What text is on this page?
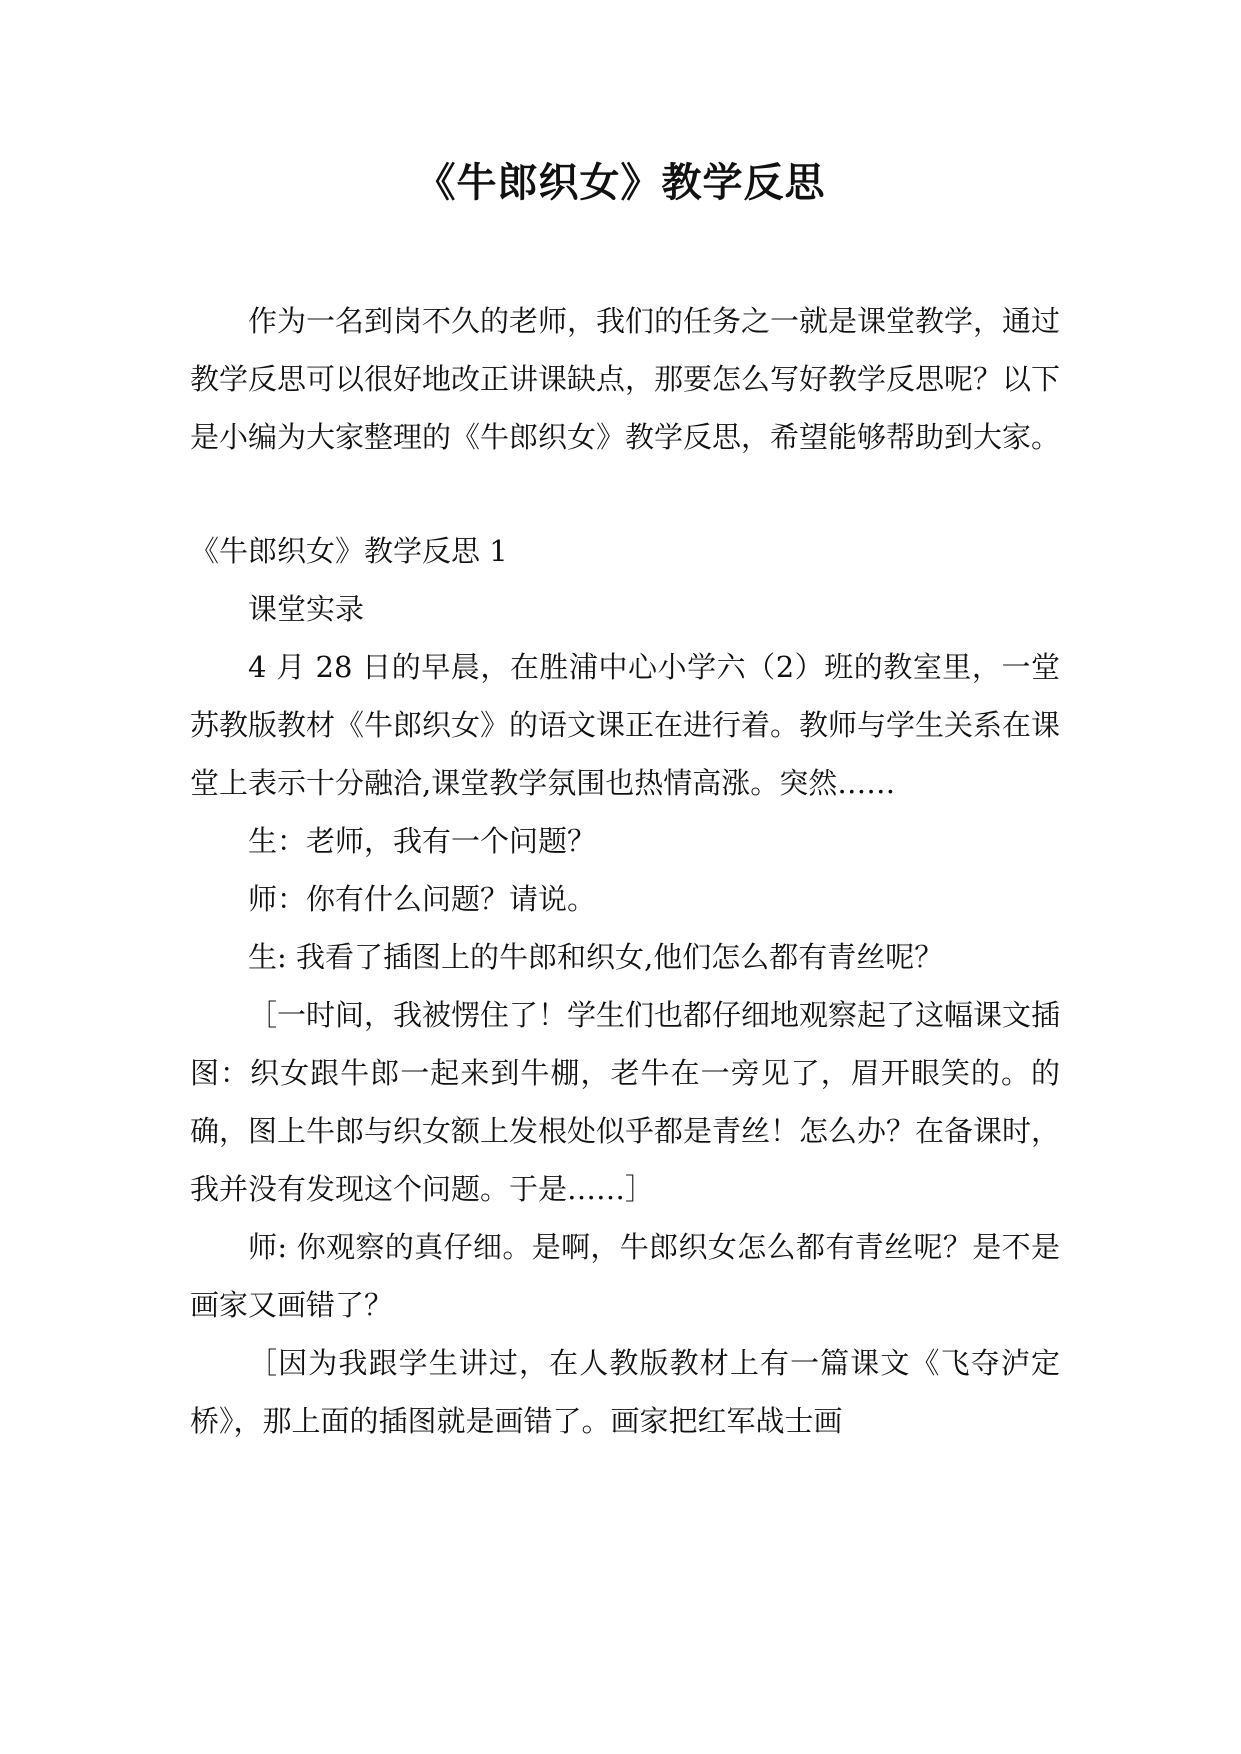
《牛郎织女》教学反思

作为一名到岗不久的老师，我们的任务之一就是课堂教学，通过教学反思可以很好地改正讲课缺点，那要怎么写好教学反思呢？以下是小编为大家整理的《牛郎织女》教学反思，希望能够帮助到大家。

《牛郎织女》教学反思 1

课堂实录

4 月 28 日的早晨，在胜浦中心小学六（2）班的教室里，一堂苏教版教材《牛郎织女》的语文课正在进行着。教师与学生关系在课堂上表示十分融洽,课堂教学氛围也热情高涨。突然……

生：老师，我有一个问题？

师：你有什么问题？请说。

生: 我看了插图上的牛郎和织女,他们怎么都有青丝呢？

［一时间，我被愣住了！学生们也都仔细地观察起了这幅课文插图：织女跟牛郎一起来到牛棚，老牛在一旁见了，眉开眼笑的。的确，图上牛郎与织女额上发根处似乎都是青丝！怎么办？在备课时，我并没有发现这个问题。于是……］

师: 你观察的真仔细。是啊，牛郎织女怎么都有青丝呢？是不是画家又画错了？

［因为我跟学生讲过，在人教版教材上有一篇课文《飞夺泸定桥》，那上面的插图就是画错了。画家把红军战士画
